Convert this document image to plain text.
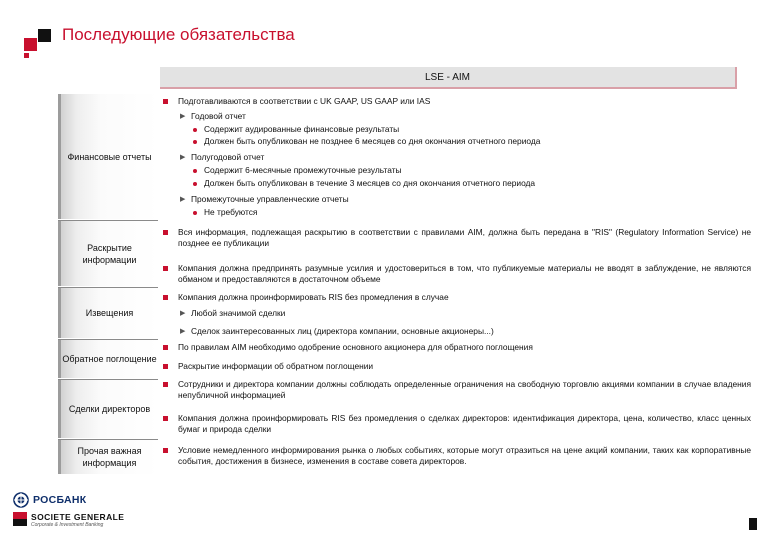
Последующие обязательства
LSE - AIM
Финансовые отчеты
Раскрытие информации
Извещения
Обратное поглощение
Сделки директоров
Прочая важная информация
Подготавливаются в соответствии с UK GAAP, US GAAP или IAS
▶ Годовой отчет
Содержит аудированные финансовые результаты
Должен быть опубликован не позднее 6 месяцев со дня окончания отчетного периода
▶ Полугодовой отчет
Содержит 6-месячные промежуточные результаты
Должен быть опубликован в течение 3 месяцев со дня окончания отчетного периода
▶ Промежуточные управленческие отчеты
Не требуются
Вся информация, подлежащая раскрытию в соответствии с правилами AIM, должна быть передана в "RIS" (Regulatory Information Service) не позднее ее публикации
Компания должна предпринять разумные усилия и удостовериться в том, что публикуемые материалы не вводят в заблуждение, не являются обманом и предоставляются в достаточном объеме
Компания должна проинформировать RIS без промедления в случае
▶ Любой значимой сделки
▶ Сделок заинтересованных лиц (директора компании, основные акционеры...)
По правилам AIM необходимо одобрение основного акционера для обратного поглощения
Раскрытие информации об обратном поглощении
Сотрудники и директора компании должны соблюдать определенные ограничения на свободную торговлю акциями компании в случае владения непубличной информацией
Компания должна проинформировать RIS без промедления о сделках директоров: идентификация директора, цена, количество, класс ценных бумаг и природа сделки
Условие немедленного информирования рынка о любых событиях, которые могут отразиться на цене акций компании, таких как корпоративные события, достижения в бизнесе, изменения в составе совета директоров.
РОСБАНК
SOCIETE GENERALE
Corporate & Investment Banking
